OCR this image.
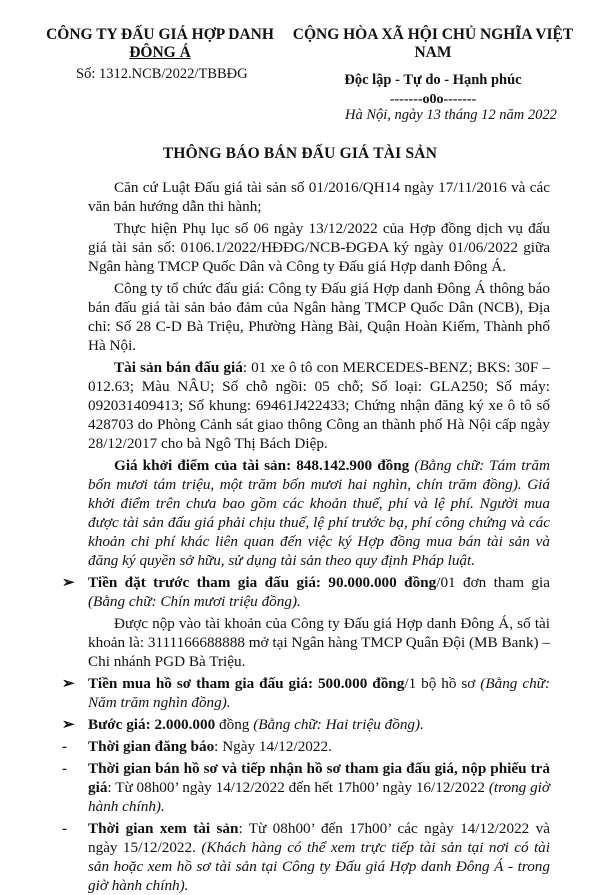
CÔNG TY ĐẤU GIÁ HỢP DANH
ĐÔNG Á
Số: 1312.NCB/2022/TBBĐG
CỘNG HÒA XÃ HỘI CHỦ NGHĨA VIỆT NAM
Độc lập - Tự do - Hạnh phúc
-------o0o-------
Hà Nội, ngày 13 tháng 12 năm 2022
THÔNG BÁO BÁN ĐẤU GIÁ TÀI SẢN

Căn cứ Luật Đấu giá tài sản số 01/2016/QH14 ngày 17/11/2016 và các văn bản hướng dẫn thi hành;

Thực hiện Phụ lục số 06 ngày 13/12/2022 của Hợp đồng dịch vụ đấu giá tài sản số: 0106.1/2022/HĐĐG/NCB-ĐGĐA ký ngày 01/06/2022 giữa Ngân hàng TMCP Quốc Dân và Công ty Đấu giá Hợp danh Đông Á.

Công ty tổ chức đấu giá: Công ty Đấu giá Hợp danh Đông Á thông báo bán đấu giá tài sản bảo đảm của Ngân hàng TMCP Quốc Dân (NCB), Địa chỉ: Số 28 C-D Bà Triệu, Phường Hàng Bài, Quận Hoàn Kiếm, Thành phố Hà Nội.

Tài sản bán đấu giá: 01 xe ô tô con MERCEDES-BENZ; BKS: 30F – 012.63; Màu NÂU; Số chỗ ngồi: 05 chỗ; Số loại: GLA250; Số máy: 092031409413; Số khung: 69461J422433; Chứng nhận đăng ký xe ô tô số 428703 do Phòng Cảnh sát giao thông Công an thành phố Hà Nội cấp ngày 28/12/2017 cho bà Ngô Thị Bách Diệp.

Giá khởi điểm của tài sản: 848.142.900 đồng (Bằng chữ: Tám trăm bốn mươi tám triệu, một trăm bốn mươi hai nghìn, chín trăm đồng). Giá khởi điểm trên chưa bao gồm các khoản thuế, phí và lệ phí. Người mua được tài sản đấu giá phải chịu thuế, lệ phí trước bạ, phí công chứng và các khoản chi phí khác liên quan đến việc ký Hợp đồng mua bán tài sản và đăng ký quyền sở hữu, sử dụng tài sản theo quy định Pháp luật.

➢ Tiền đặt trước tham gia đấu giá: 90.000.000 đồng/01 đơn tham gia (Bằng chữ: Chín mươi triệu đồng).

Được nộp vào tài khoản của Công ty Đấu giá Hợp danh Đông Á, số tài khoản là: 3111166688888 mở tại Ngân hàng TMCP Quân Đội (MB Bank) – Chi nhánh PGD Bà Triệu.

➢ Tiền mua hồ sơ tham gia đấu giá: 500.000 đồng/1 bộ hồ sơ (Bằng chữ: Năm trăm nghìn đồng).

➢ Bước giá: 2.000.000 đồng (Bằng chữ: Hai triệu đồng).

- Thời gian đăng báo: Ngày 14/12/2022.

- Thời gian bán hồ sơ và tiếp nhận hồ sơ tham gia đấu giá, nộp phiếu trả giá: Từ 08h00’ ngày 14/12/2022 đến hết 17h00’ ngày 16/12/2022 (trong giờ hành chính).

- Thời gian xem tài sản: Từ 08h00’ đến 17h00’ các ngày 14/12/2022 và ngày 15/12/2022. (Khách hàng có thể xem trực tiếp tài sản tại nơi có tài sản hoặc xem hồ sơ tài sản tại Công ty Đấu giá Hợp danh Đông Á - trong giờ hành chính).
